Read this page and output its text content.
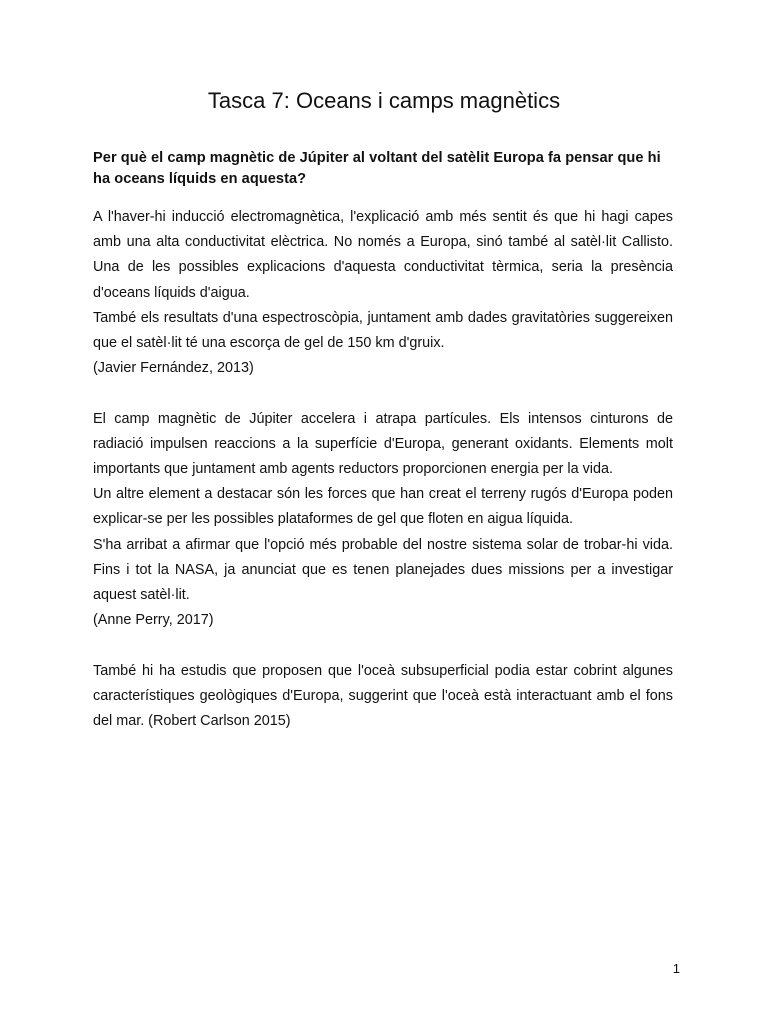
Tasca 7: Oceans i camps magnètics

Per què el camp magnètic de Júpiter al voltant del satèlit Europa fa pensar que hi ha oceans líquids en aquesta?

A l'haver-hi inducció electromagnètica, l'explicació amb més sentit és que hi hagi capes amb una alta conductivitat elèctrica. No només a Europa, sinó també al satèl·lit Callisto. Una de les possibles explicacions d'aquesta conductivitat tèrmica, seria la presència d'oceans líquids d'aigua.

També els resultats d'una espectroscòpia, juntament amb dades gravitatòries suggereixen que el satèl·lit té una escorça de gel de 150 km d'gruix.

(Javier Fernández, 2013)

El camp magnètic de Júpiter accelera i atrapa partícules. Els intensos cinturons de radiació impulsen reaccions a la superfície d'Europa, generant oxidants. Elements molt importants que juntament amb agents reductors proporcionen energia per la vida.

Un altre element a destacar són les forces que han creat el terreny rugós d'Europa poden explicar-se per les possibles plataformes de gel que floten en aigua líquida.

S'ha arribat a afirmar que l'opció més probable del nostre sistema solar de trobar-hi vida. Fins i tot la NASA, ja anunciat que es tenen planejades dues missions per a investigar aquest satèl·lit.

(Anne Perry, 2017)

També hi ha estudis que proposen que l'oceà subsuperficial podia estar cobrint algunes característiques geològiques d'Europa, suggerint que l'oceà està interactuant amb el fons del mar. (Robert Carlson 2015)

1
